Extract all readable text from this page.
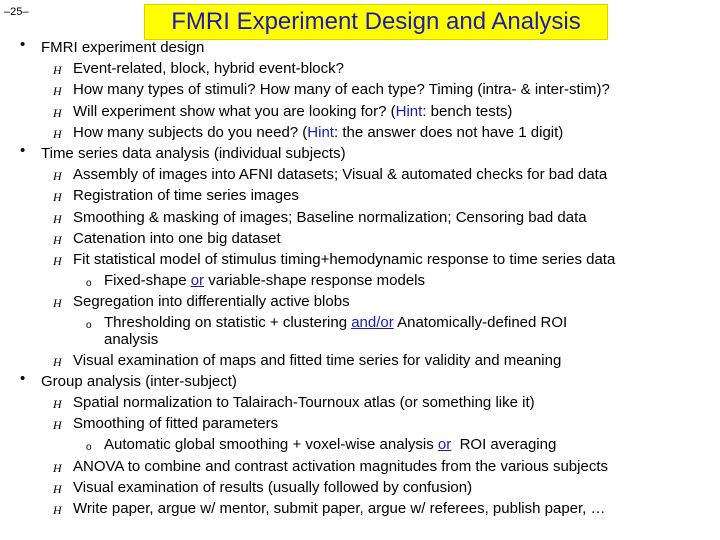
–25–	FMRI Experiment Design and Analysis
• FMRI experiment design
H Event-related, block, hybrid event-block?
H How many types of stimuli? How many of each type? Timing (intra- & inter-stim)?
H Will experiment show what you are looking for? (Hint: bench tests)
H How many subjects do you need? (Hint: the answer does not have 1 digit)
• Time series data analysis (individual subjects)
H Assembly of images into AFNI datasets; Visual & automated checks for bad data
H Registration of time series images
H Smoothing & masking of images; Baseline normalization; Censoring bad data
H Catenation into one big dataset
H Fit statistical model of stimulus timing+hemodynamic response to time series data
o Fixed-shape or variable-shape response models
H Segregation into differentially active blobs
o Thresholding on statistic + clustering and/or Anatomically-defined ROI
analysis
H Visual examination of maps and fitted time series for validity and meaning
• Group analysis (inter-subject)
H Spatial normalization to Talairach-Tournoux atlas (or something like it)
H Smoothing of fitted parameters
o Automatic global smoothing + voxel-wise analysis or  ROI averaging
H ANOVA to combine and contrast activation magnitudes from the various subjects
H Visual examination of results (usually followed by confusion)
H Write paper, argue w/ mentor, submit paper, argue w/ referees, publish paper, …
